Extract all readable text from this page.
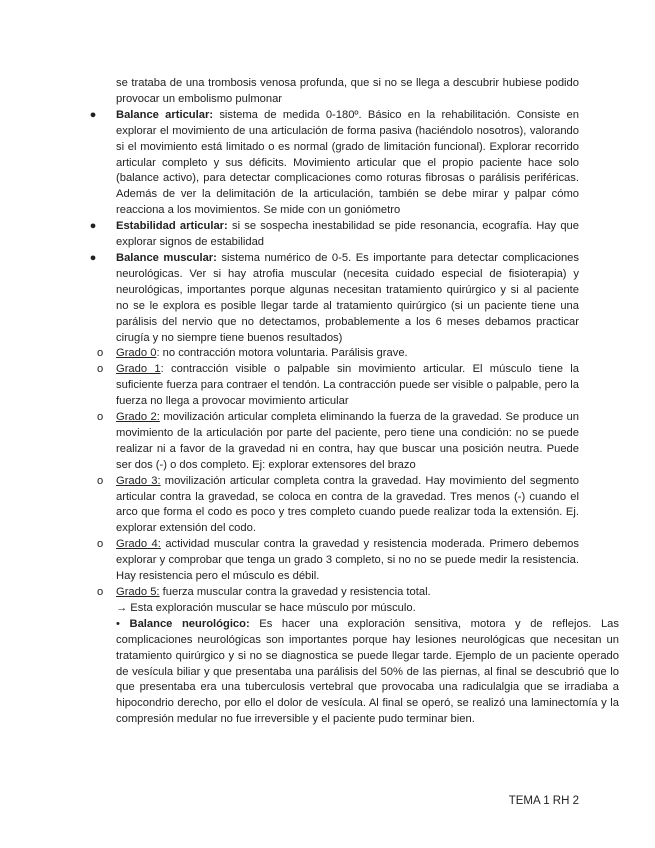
se trataba de una trombosis venosa profunda, que si no se llega a descubrir hubiese podido provocar un embolismo pulmonar

● Balance articular: sistema de medida 0-180º. Básico en la rehabilitación. Consiste en explorar el movimiento de una articulación de forma pasiva (haciéndolo nosotros), valorando si el movimiento está limitado o es normal (grado de limitación funcional). Explorar recorrido articular completo y sus déficits. Movimiento articular que el propio paciente hace solo (balance activo), para detectar complicaciones como roturas fibrosas o parálisis periféricas. Además de ver la delimitación de la articulación, también se debe mirar y palpar cómo reacciona a los movimientos. Se mide con un goniómetro

● Estabilidad articular: si se sospecha inestabilidad se pide resonancia, ecografía. Hay que explorar signos de estabilidad

● Balance muscular: sistema numérico de 0-5. Es importante para detectar complicaciones neurológicas. Ver si hay atrofia muscular (necesita cuidado especial de fisioterapia) y neurológicas, importantes porque algunas necesitan tratamiento quirúrgico y si al paciente no se le explora es posible llegar tarde al tratamiento quirúrgico (si un paciente tiene una parálisis del nervio que no detectamos, probablemente a los 6 meses debamos practicar cirugía y no siempre tiene buenos resultados)

o Grado 0: no contracción motora voluntaria. Parálisis grave.

o Grado 1: contracción visible o palpable sin movimiento articular. El músculo tiene la suficiente fuerza para contraer el tendón. La contracción puede ser visible o palpable, pero la fuerza no llega a provocar movimiento articular

o Grado 2: movilización articular completa eliminando la fuerza de la gravedad. Se produce un movimiento de la articulación por parte del paciente, pero tiene una condición: no se puede realizar ni a favor de la gravedad ni en contra, hay que buscar una posición neutra. Puede ser dos (-) o dos completo. Ej: explorar extensores del brazo

o Grado 3: movilización articular completa contra la gravedad. Hay movimiento del segmento articular contra la gravedad, se coloca en contra de la gravedad. Tres menos (-) cuando el arco que forma el codo es poco y tres completo cuando puede realizar toda la extensión. Ej. explorar extensión del codo.

o Grado 4: actividad muscular contra la gravedad y resistencia moderada. Primero debemos explorar y comprobar que tenga un grado 3 completo, si no no se puede medir la resistencia. Hay resistencia pero el músculo es débil.

o Grado 5: fuerza muscular contra la gravedad y resistencia total.

→ Esta exploración muscular se hace músculo por músculo.

• Balance neurológico: Es hacer una exploración sensitiva, motora y de reflejos. Las complicaciones neurológicas son importantes porque hay lesiones neurológicas que necesitan un tratamiento quirúrgico y si no se diagnostica se puede llegar tarde. Ejemplo de un paciente operado de vesícula biliar y que presentaba una parálisis del 50% de las piernas, al final se descubrió que lo que presentaba era una tuberculosis vertebral que provocaba una radiculalgia que se irradiaba a hipocondrio derecho, por ello el dolor de vesícula. Al final se operó, se realizó una laminectomía y la compresión medular no fue irreversible y el paciente pudo terminar bien.

TEMA 1 RH 2
